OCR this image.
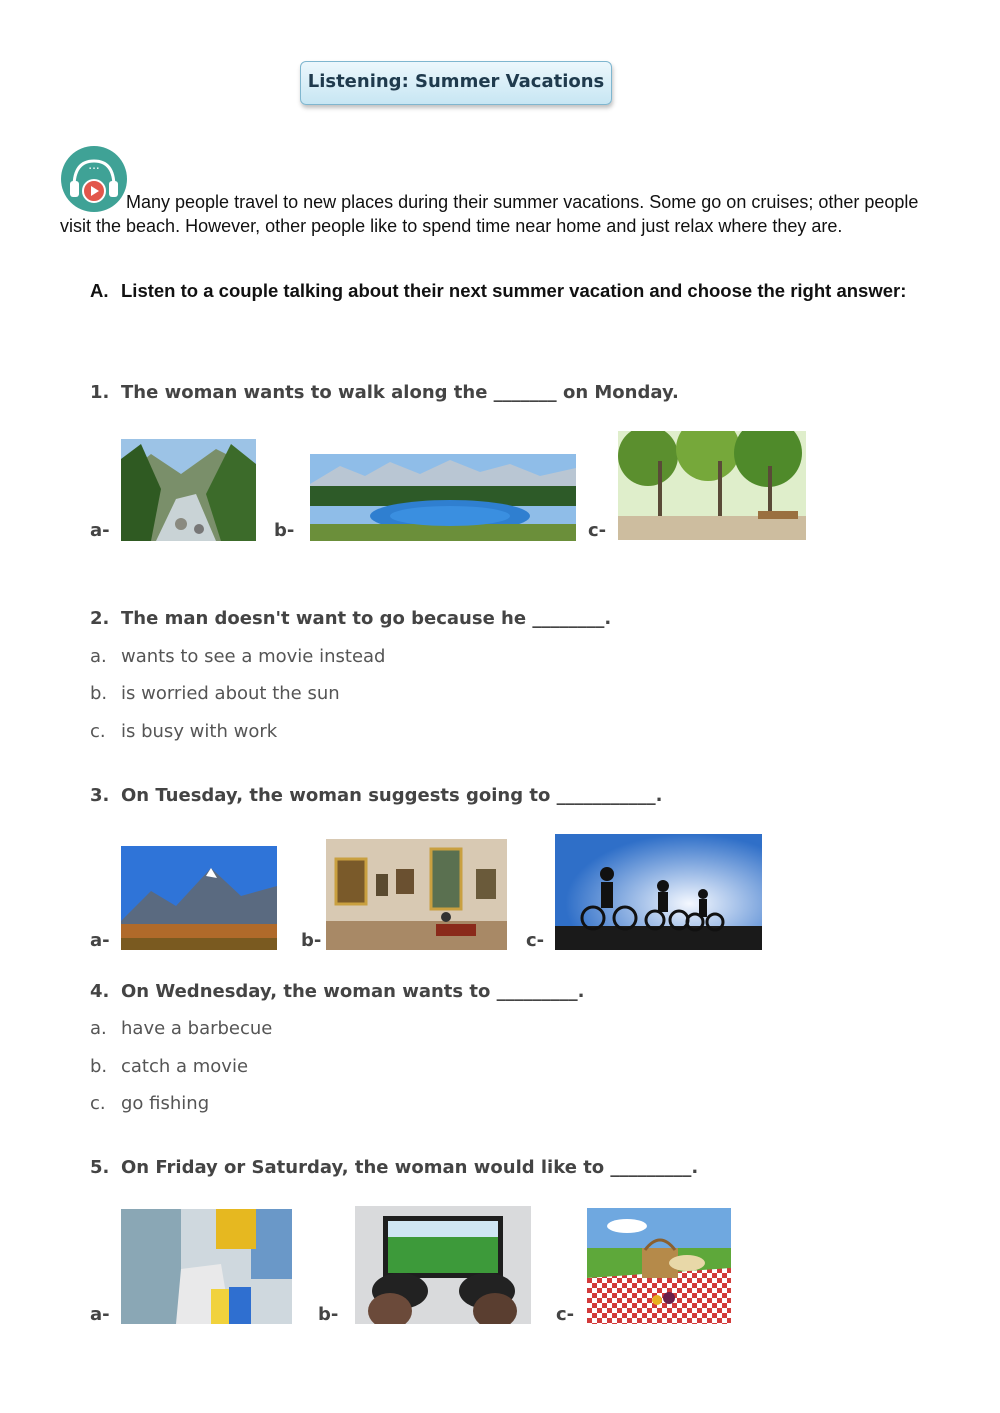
Listening: Summer Vacations
...
Many people travel to new places during their summer vacations. Some go on cruises; other people visit the beach. However, other people like to spend time near home and just relax where they are.
A. Listen to a couple talking about their next summer vacation and choose the right answer:
1. The woman wants to walk along the _______ on Monday.
a-	b-	c-
2. The man doesn't want to go because he ________.
a. wants to see a movie instead
b. is worried about the sun
c. is busy with work
3. On Tuesday, the woman suggests going to ___________.
a-	b-	c-
4. On Wednesday, the woman wants to _________.
a. have a barbecue
b. catch a movie
c. go fishing
5. On Friday or Saturday, the woman would like to _________.
a-	b-	c-
